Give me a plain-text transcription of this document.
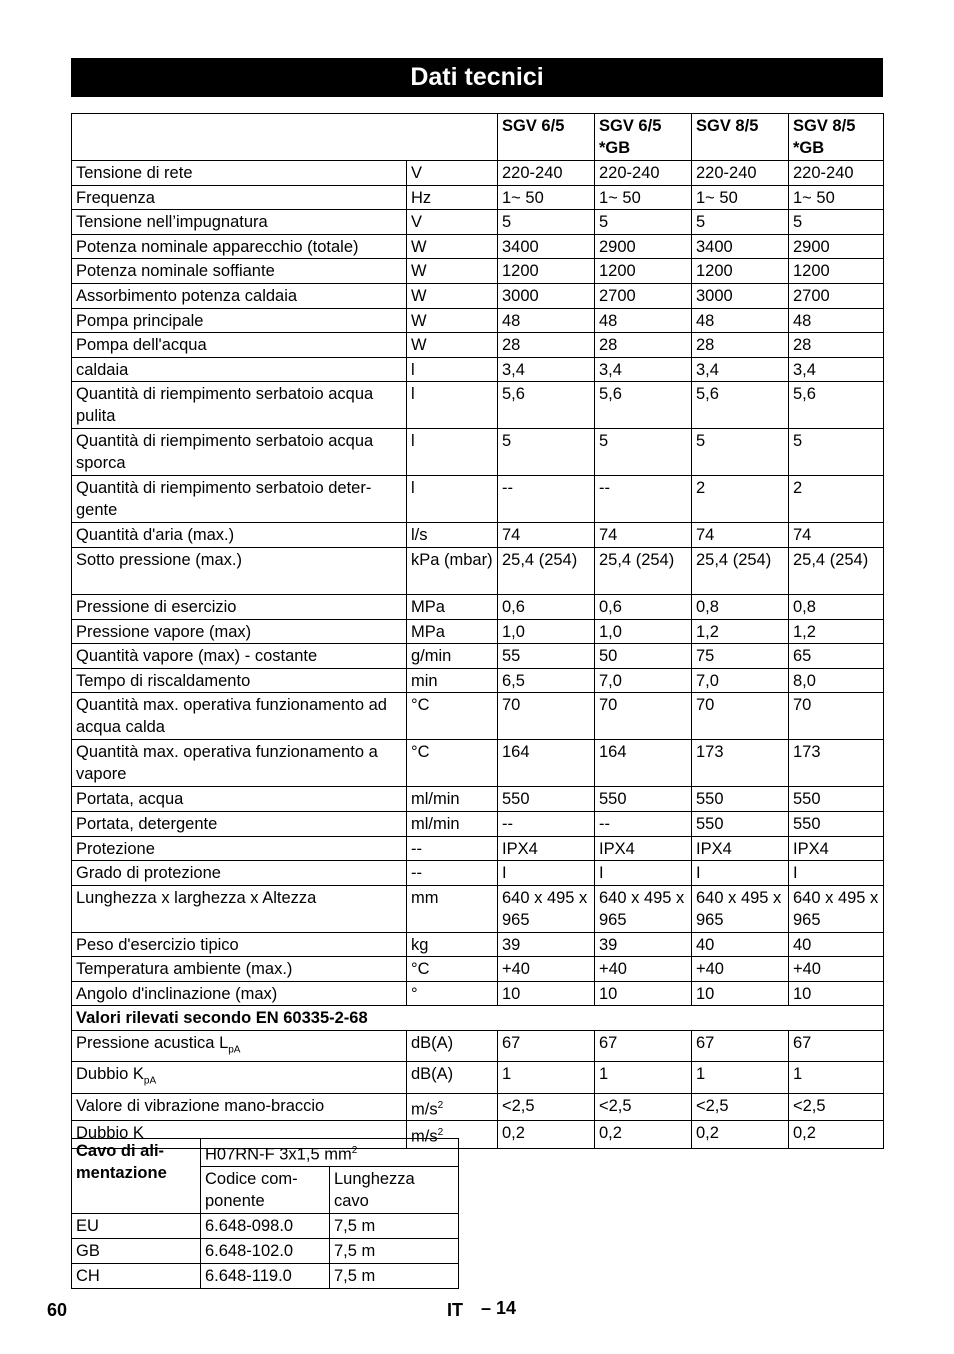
Dati tecnici
		SGV 6/5	SGV 6/5 *GB	SGV 8/5	SGV 8/5 *GB
Tensione di rete	V	220-240	220-240	220-240	220-240
Frequenza	Hz	1~ 50	1~ 50	1~ 50	1~ 50
Tensione nell’impugnatura	V	5	5	5	5
Potenza nominale apparecchio (totale)	W	3400	2900	3400	2900
Potenza nominale soffiante	W	1200	1200	1200	1200
Assorbimento potenza caldaia	W	3000	2700	3000	2700
Pompa principale	W	48	48	48	48
Pompa dell'acqua	W	28	28	28	28
caldaia	l	3,4	3,4	3,4	3,4
Quantità di riempimento serbatoio acqua pulita	l	5,6	5,6	5,6	5,6
Quantità di riempimento serbatoio acqua sporca	l	5	5	5	5
Quantità di riempimento serbatoio deter-gente	l	--	--	2	2
Quantità d'aria (max.)	l/s	74	74	74	74
Sotto pressione (max.)	kPa (mbar)	25,4 (254)	25,4 (254)	25,4 (254)	25,4 (254)
Pressione di esercizio	MPa	0,6	0,6	0,8	0,8
Pressione vapore (max)	MPa	1,0	1,0	1,2	1,2
Quantità vapore (max) - costante	g/min	55	50	75	65
Tempo di riscaldamento	min	6,5	7,0	7,0	8,0
Quantità max. operativa funzionamento ad acqua calda	°C	70	70	70	70
Quantità max. operativa funzionamento a vapore	°C	164	164	173	173
Portata, acqua	ml/min	550	550	550	550
Portata, detergente	ml/min	--	--	550	550
Protezione	--	IPX4	IPX4	IPX4	IPX4
Grado di protezione	--	I	I	I	I
Lunghezza x larghezza x Altezza	mm	640 x 495 x 965	640 x 495 x 965	640 x 495 x 965	640 x 495 x 965
Peso d'esercizio tipico	kg	39	39	40	40
Temperatura ambiente (max.)	°C	+40	+40	+40	+40
Angolo d'inclinazione (max)	°	10	10	10	10
Valori rilevati secondo EN 60335-2-68					
Pressione acustica $L_{pA}$	dB(A)	67	67	67	67
Dubbio $K_{pA}$	dB(A)	1	1	1	1
Valore di vibrazione mano-braccio	$m/s^2$	<2,5	<2,5	<2,5	<2,5
Dubbio K	$m/s^2$	0,2	0,2	0,2	0,2
Cavo di ali-mentazione	H07RN-F 3x1,5 $mm^2$
	Codice com-ponente	Lunghezza cavo
EU	6.648-098.0	7,5 m
GB	6.648-102.0	7,5 m
CH	6.648-119.0	7,5 m
60	IT – 14
